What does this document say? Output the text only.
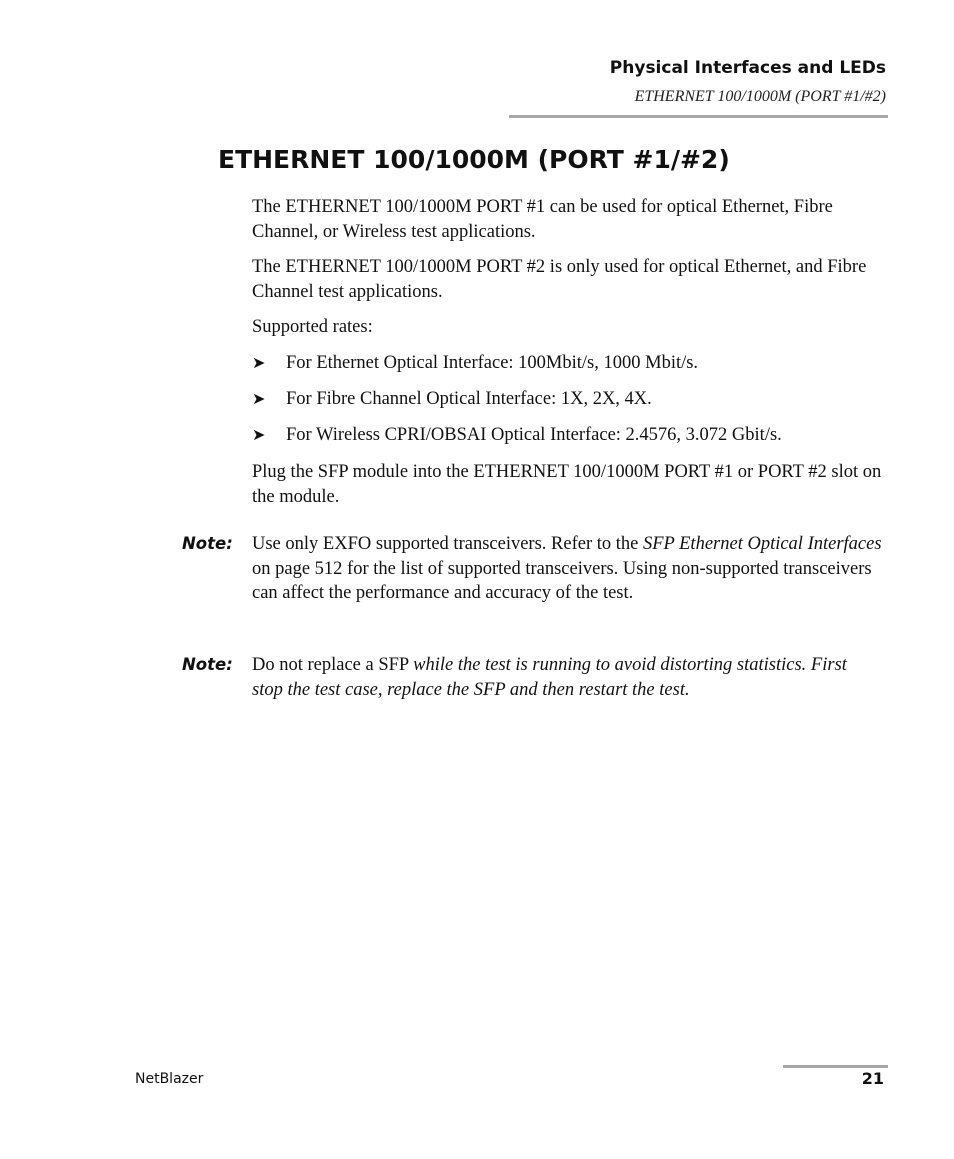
Physical Interfaces and LEDs
ETHERNET 100/1000M (PORT #1/#2)
ETHERNET 100/1000M (PORT #1/#2)

The ETHERNET 100/1000M PORT #1 can be used for optical Ethernet, Fibre Channel, or Wireless test applications.

The ETHERNET 100/1000M PORT #2 is only used for optical Ethernet, and Fibre Channel test applications.

Supported rates:

➤ For Ethernet Optical Interface: 100Mbit/s, 1000 Mbit/s.
➤ For Fibre Channel Optical Interface: 1X, 2X, 4X.
➤ For Wireless CPRI/OBSAI Optical Interface: 2.4576, 3.072 Gbit/s.

Plug the SFP module into the ETHERNET 100/1000M PORT #1 or PORT #2 slot on the module.

Note: Use only EXFO supported transceivers. Refer to the SFP Ethernet Optical Interfaces on page 512 for the list of supported transceivers. Using non-supported transceivers can affect the performance and accuracy of the test.

Note: Do not replace a SFP while the test is running to avoid distorting statistics. First stop the test case, replace the SFP and then restart the test.

NetBlazer	21
